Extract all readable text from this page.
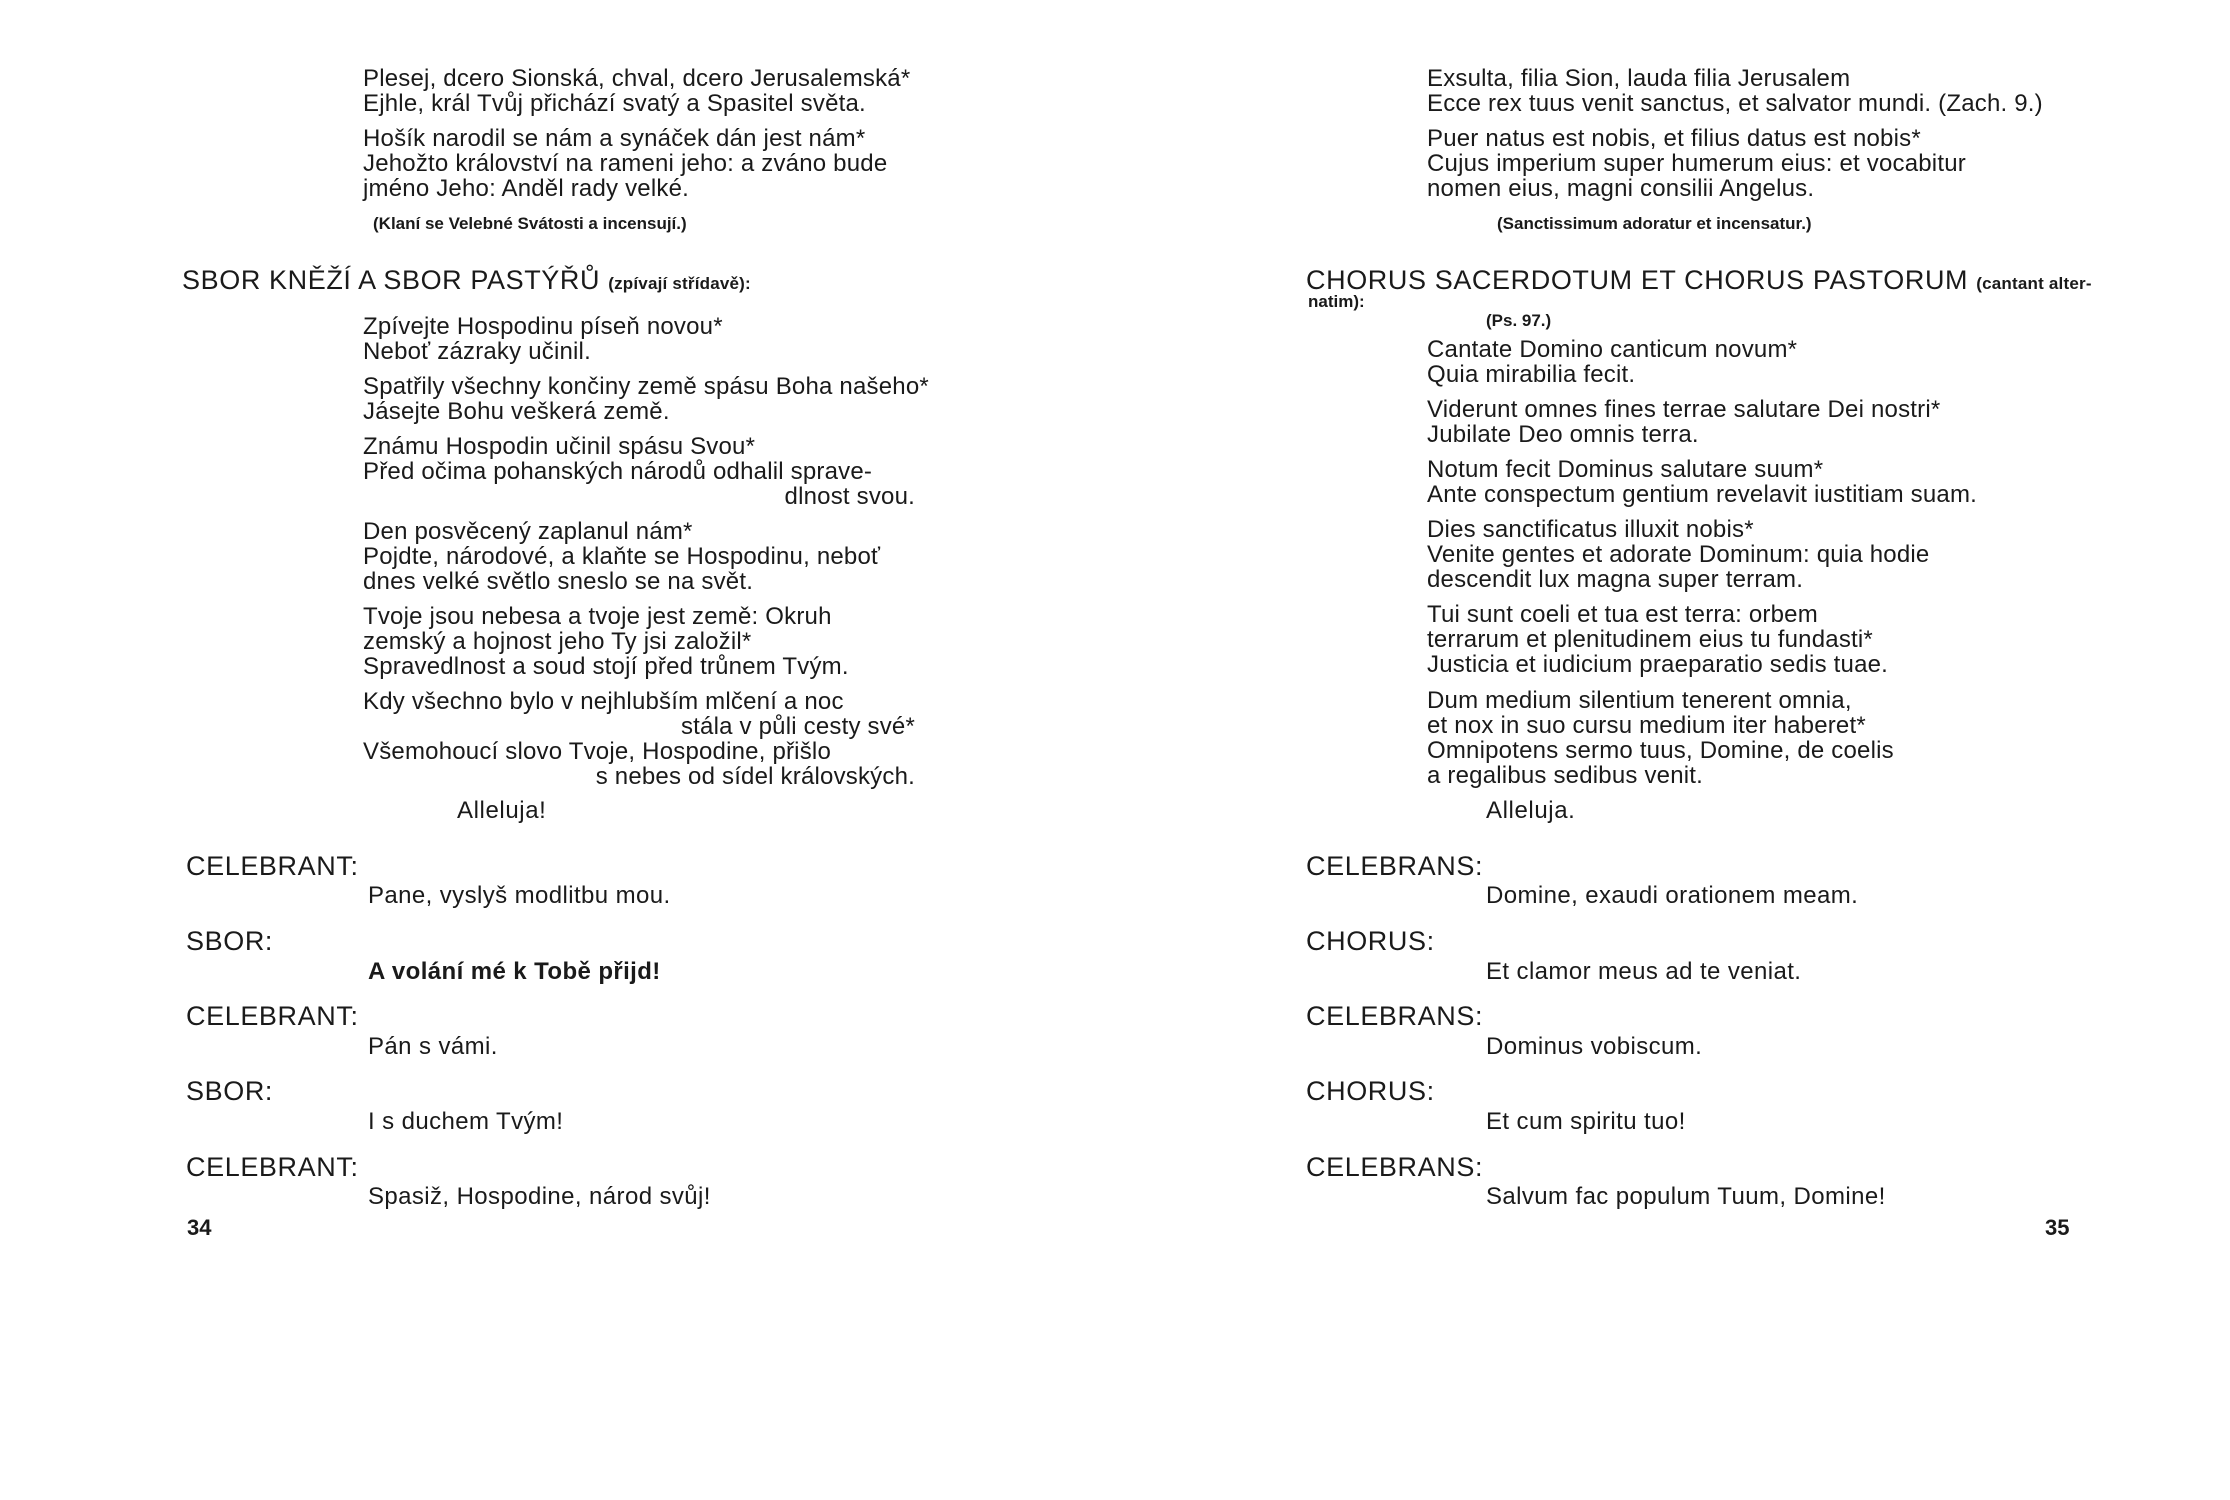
Plesej, dcero Sionská, chval, dcero Jerusalemská*
Ejhle, král Tvůj přichází svatý a Spasitel světa.
Hošík narodil se nám a synáček dán jest nám*
Jehožto království na rameni jeho: a zváno bude
jméno Jeho: Anděl rady velké.
(Klaní se Velebné Svátosti a incensují.)
SBOR KNĚŽÍ A SBOR PASTÝŘŮ (zpívají střídavě):
Zpívejte Hospodinu píseň novou*
Neboť zázraky učinil.
Spatřily všechny končiny země spásu Boha našeho*
Jásejte Bohu veškerá země.
Známu Hospodin učinil spásu Svou*
Před očima pohanských národů odhalil sprave-
dlnost svou.
Den posvěcený zaplanul nám*
Pojdte, národové, a klaňte se Hospodinu, neboť
dnes velké světlo sneslo se na svět.
Tvoje jsou nebesa a tvoje jest země: Okruh
zemský a hojnost jeho Ty jsi založil*
Spravedlnost a soud stojí před trůnem Tvým.
Kdy všechno bylo v nejhlubším mlčení a noc
stála v půli cesty své*
Všemohoucí slovo Tvoje, Hospodine, přišlo
s nebes od sídel královských.
Alleluja!
CELEBRANT:
Pane, vyslyš modlitbu mou.
SBOR:
A volání mé k Tobě přijd!
CELEBRANT:
Pán s vámi.
SBOR:
I s duchem Tvým!
CELEBRANT:
Spasiž, Hospodine, národ svůj!
34
Exsulta, filia Sion, lauda filia Jerusalem
Ecce rex tuus venit sanctus, et salvator mundi. (Zach. 9.)
Puer natus est nobis, et filius datus est nobis*
Cujus imperium super humerum eius: et vocabitur
nomen eius, magni consilii Angelus.
(Sanctissimum adoratur et incensatur.)
CHORUS SACERDOTUM ET CHORUS PASTORUM (cantant alter-
natim):
(Ps. 97.)
Cantate Domino canticum novum*
Quia mirabilia fecit.
Viderunt omnes fines terrae salutare Dei nostri*
Jubilate Deo omnis terra.
Notum fecit Dominus salutare suum*
Ante conspectum gentium revelavit iustitiam suam.
Dies sanctificatus illuxit nobis*
Venite gentes et adorate Dominum: quia hodie
descendit lux magna super terram.
Tui sunt coeli et tua est terra: orbem
terrarum et plenitudinem eius tu fundasti*
Justicia et iudicium praeparatio sedis tuae.
Dum medium silentium tenerent omnia,
et nox in suo cursu medium iter haberet*
Omnipotens sermo tuus, Domine, de coelis
a regalibus sedibus venit.
Alleluja.
CELEBRANS:
Domine, exaudi orationem meam.
CHORUS:
Et clamor meus ad te veniat.
CELEBRANS:
Dominus vobiscum.
CHORUS:
Et cum spiritu tuo!
CELEBRANS:
Salvum fac populum Tuum, Domine!
35
